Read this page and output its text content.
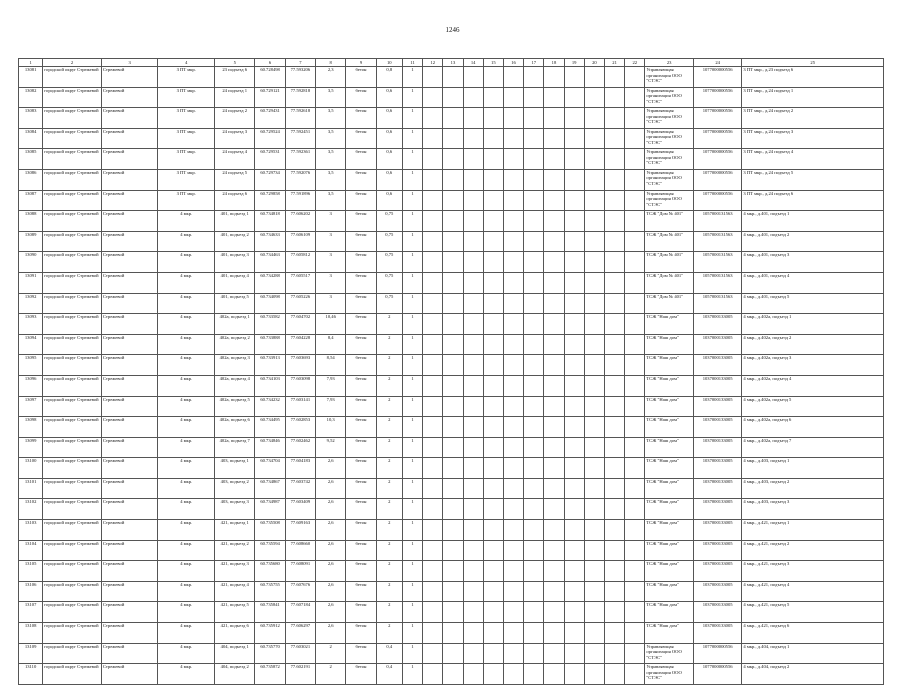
1246
1	2	3	4	5	6	7	8	9	10	11	12	13	14	15	16	17	18	19	20	21	22	23	24	25
13081	городской округ Стрежевой	Стрежевой	3 ПТ мкр.	23 подъезд 6	60.728498	77.593206	2,3	бетон	0,8	1												Управляющая организация ООО "СТЭС"	1077000000556	3 ПТ мкр., д.23 подъезд 6
13082	городской округ Стрежевой	Стрежевой	3 ПТ мкр.	24 подъезд 1	60.729121	77.592818	3,5	бетон	0,6	1												Управляющая организация ООО "СТЭС"	1077000000556	3 ПТ мкр., д.24 подъезд 1
13083	городской округ Стрежевой	Стрежевой	3 ПТ мкр.	24 подъезд 2	60.729431	77.592618	3,5	бетон	0,6	1												Управляющая организация ООО "СТЭС"	1077000000556	3 ПТ мкр., д.24 подъезд 2
13084	городской округ Стрежевой	Стрежевой	3 ПТ мкр.	24 подъезд 3	60.729524	77.592451	3,5	бетон	0,6	1												Управляющая организация ООО "СТЭС"	1077000000556	3 ПТ мкр., д.24 подъезд 3
13085	городской округ Стрежевой	Стрежевой	3 ПТ мкр.	24 подъезд 4	60.729531	77.592361	3,5	бетон	0,6	1												Управляющая организация ООО "СТЭС"	1077000000556	3 ПТ мкр., д.24 подъезд 4
13086	городской округ Стрежевой	Стрежевой	3 ПТ мкр.	24 подъезд 5	60.729734	77.592076	3,5	бетон	0,6	1												Управляющая организация ООО "СТЭС"	1077000000556	3 ПТ мкр., д.24 подъезд 5
13087	городской округ Стрежевой	Стрежевой	3 ПТ мкр.	24 подъезд 6	60.729858	77.591896	3,5	бетон	0,6	1												Управляющая организация ООО "СТЭС"	1077000000556	3 ПТ мкр., д.24 подъезд 6
13088	городской округ Стрежевой	Стрежевой	4 мкр.	401, подъезд 1	60.734818	77.606202	3	бетон	0,75	1												ТСЖ "Дом № 401"	1057000131563	4 мкр., д.401, подъезд 1
13089	городской округ Стрежевой	Стрежевой	4 мкр.	401, подъезд 2	60.734633	77.606109	3	бетон	0,75	1												ТСЖ "Дом № 401"	1057000131563	4 мкр., д.401, подъезд 2
13090	городской округ Стрежевой	Стрежевой	4 мкр.	401, подъезд 3	60.734463	77.605812	3	бетон	0,75	1												ТСЖ "Дом № 401"	1057000131563	4 мкр., д.401, подъезд 3
13091	городской округ Стрежевой	Стрежевой	4 мкр.	401, подъезд 4	60.734288	77.605517	3	бетон	0,75	1												ТСЖ "Дом № 401"	1057000131563	4 мкр., д.401, подъезд 4
13092	городской округ Стрежевой	Стрежевой	4 мкр.	401, подъезд 5	60.734098	77.605226	3	бетон	0,75	1												ТСЖ "Дом № 401"	1057000131563	4 мкр., д.401, подъезд 5
13093	городской округ Стрежевой	Стрежевой	4 мкр.	402а, подъезд 1	60.733582	77.604702	10,46	бетон	2	1												ТСЖ "Наш дом"	1037000133005	4 мкр., д.402а, подъезд 1
13094	городской округ Стрежевой	Стрежевой	4 мкр.	402а, подъезд 2	60.733888	77.604228	8,4	бетон	2	1												ТСЖ "Наш дом"	1037000133005	4 мкр., д.402а, подъезд 2
13095	городской округ Стрежевой	Стрежевой	4 мкр.	402а, подъезд 3	60.733913	77.603693	8,54	бетон	2	1												ТСЖ "Наш дом"	1037000133005	4 мкр., д.402а, подъезд 3
13096	городской округ Стрежевой	Стрежевой	4 мкр.	402а, подъезд 4	60.734103	77.603098	7,93	бетон	2	1												ТСЖ "Наш дом"	1037000133005	4 мкр., д.402а, подъезд 4
13097	городской округ Стрежевой	Стрежевой	4 мкр.	402а, подъезд 5	60.734232	77.603141	7,93	бетон	2	1												ТСЖ "Наш дом"	1037000133005	4 мкр., д.402а, подъезд 5
13098	городской округ Стрежевой	Стрежевой	4 мкр.	402а, подъезд 6	60.734495	77.602853	10,3	бетон	2	1												ТСЖ "Наш дом"	1037000133005	4 мкр., д.402а, подъезд 6
13099	городской округ Стрежевой	Стрежевой	4 мкр.	402а, подъезд 7	60.734846	77.602462	9,52	бетон	2	1												ТСЖ "Наш дом"	1037000133005	4 мкр., д.402а, подъезд 7
13100	городской округ Стрежевой	Стрежевой	4 мкр.	403, подъезд 1	60.734704	77.604183	2,6	бетон	2	1												ТСЖ "Наш дом"	1037000133005	4 мкр., д.403, подъезд 1
13101	городской округ Стрежевой	Стрежевой	4 мкр.	403, подъезд 2	60.734867	77.603742	2,6	бетон	2	1												ТСЖ "Наш дом"	1037000133005	4 мкр., д.403, подъезд 2
13102	городской округ Стрежевой	Стрежевой	4 мкр.	403, подъезд 3	60.734987	77.603409	2,6	бетон	2	1												ТСЖ "Наш дом"	1037000133005	4 мкр., д.403, подъезд 3
13103	городской округ Стрежевой	Стрежевой	4 мкр.	421, подъезд 1	60.735508	77.609163	2,6	бетон	2	1												ТСЖ "Наш дом"	1037000133005	4 мкр., д.421, подъезд 1
13104	городской округ Стрежевой	Стрежевой	4 мкр.	421, подъезд 2	60.735594	77.608660	2,6	бетон	2	1												ТСЖ "Наш дом"	1037000133005	4 мкр., д.421, подъезд 2
13105	городской округ Стрежевой	Стрежевой	4 мкр.	421, подъезд 3	60.735680	77.608091	2,6	бетон	2	1												ТСЖ "Наш дом"	1037000133005	4 мкр., д.421, подъезд 3
13106	городской округ Стрежевой	Стрежевой	4 мкр.	421, подъезд 4	60.735755	77.607676	2,6	бетон	2	1												ТСЖ "Наш дом"	1037000133005	4 мкр., д.421, подъезд 4
13107	городской округ Стрежевой	Стрежевой	4 мкр.	421, подъезд 5	60.735841	77.607184	2,6	бетон	2	1												ТСЖ "Наш дом"	1037000133005	4 мкр., д.421, подъезд 5
13108	городской округ Стрежевой	Стрежевой	4 мкр.	421, подъезд 6	60.735912	77.606297	2,6	бетон	2	1												ТСЖ "Наш дом"	1037000133005	4 мкр., д.421, подъезд 6
13109	городской округ Стрежевой	Стрежевой	4 мкр.	404, подъезд 1	60.735770	77.603021	2	бетон	0,4	1												Управляющая организация ООО "СТЭС"	1077000000556	4 мкр., д.404, подъезд 1
13110	городской округ Стрежевой	Стрежевой	4 мкр.	404, подъезд 2	60.735872	77.602191	2	бетон	0,4	1												Управляющая организация ООО "СТЭС"	1077000000556	4 мкр., д.404, подъезд 2
